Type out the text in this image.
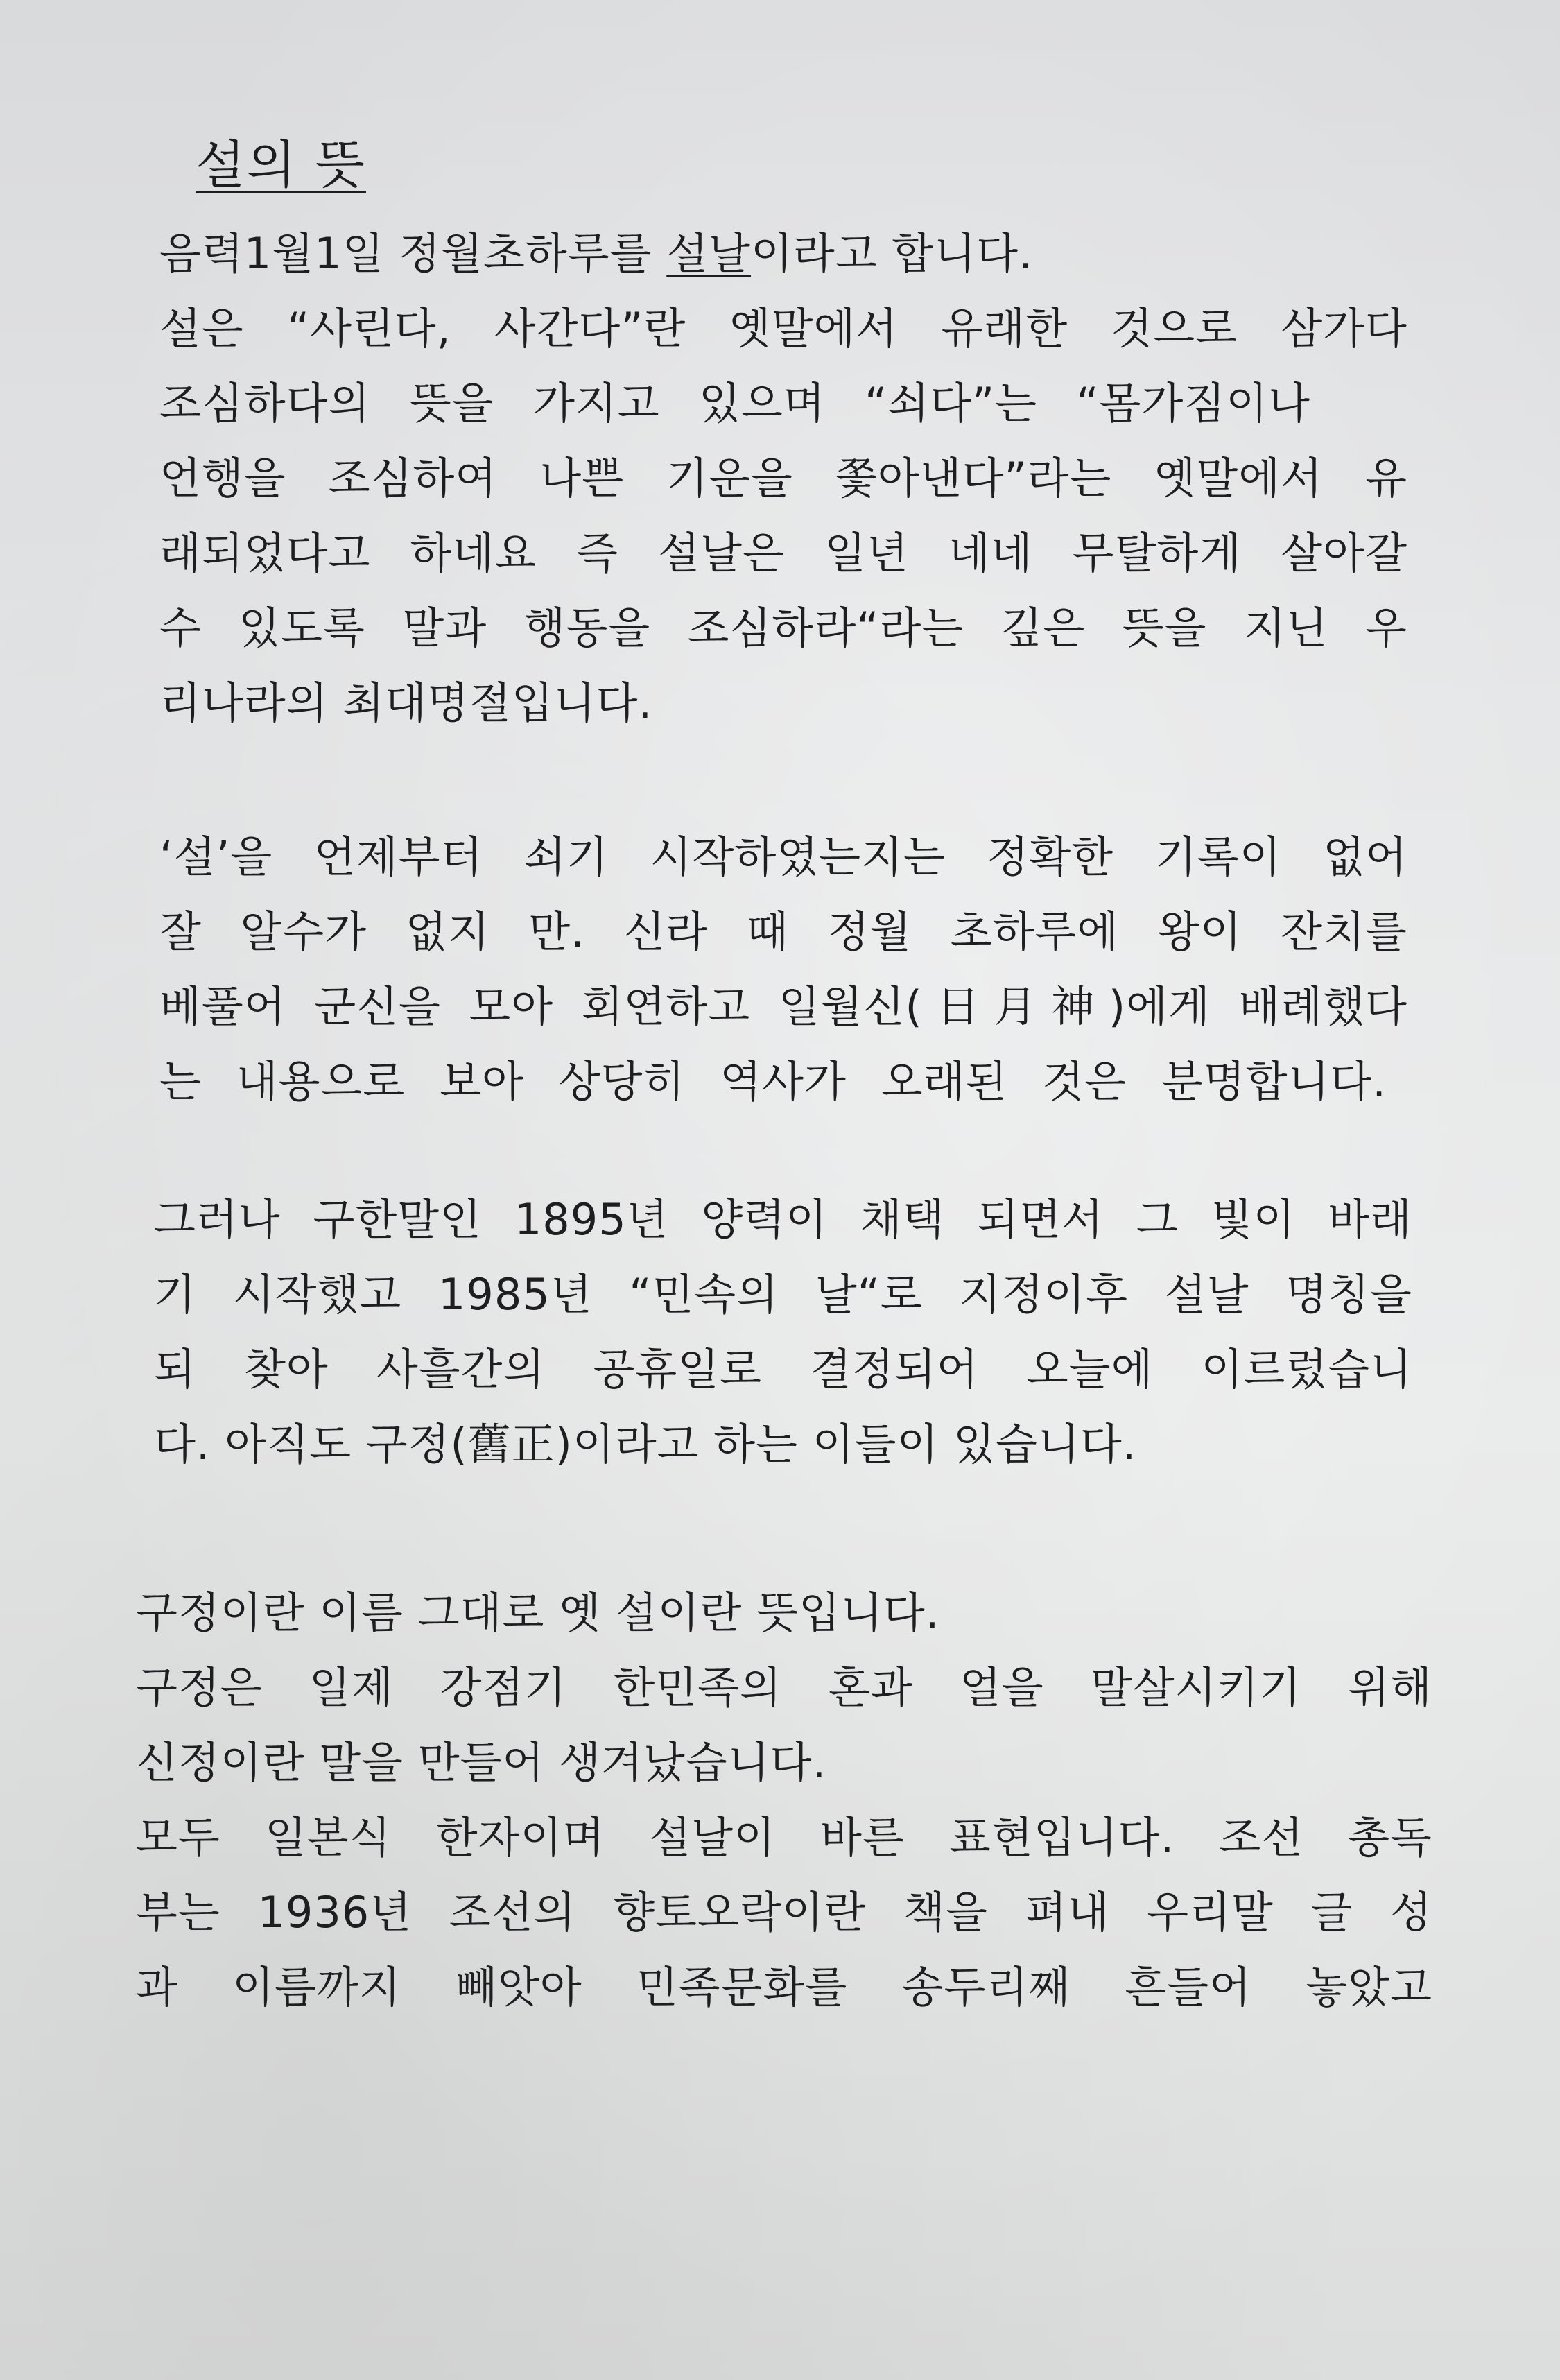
설의 뜻
음력1월1일 정월초하루를 설날이라고 합니다.
설은 “사린다, 사간다”란 옛말에서 유래한 것으로 삼가다
조심하다의 뜻을 가지고 있으며 “쇠다”는 “몸가짐이나
언행을 조심하여 나쁜 기운을 쫓아낸다”라는 옛말에서 유
래되었다고 하네요 즉 설날은 일년 네네 무탈하게 살아갈
수 있도록 말과 행동을 조심하라“라는 깊은 뜻을 지닌 우
리나라의 최대명절입니다.
‘설’을 언제부터 쇠기 시작하였는지는 정확한 기록이 없어
잘 알수가 없지 만. 신라 때 정월 초하루에 왕이 잔치를
베풀어 군신을 모아 회연하고 일월신(日月神)에게 배례했다
는 내용으로 보아 상당히 역사가 오래된 것은 분명합니다.
그러나 구한말인 1895년 양력이 채택 되면서 그 빛이 바래
기 시작했고 1985년 “민속의 날“로 지정이후 설날 명칭을
되 찾아 사흘간의 공휴일로 결정되어 오늘에 이르렀습니
다. 아직도 구정(舊正)이라고 하는 이들이 있습니다.
구정이란 이름 그대로 옛 설이란 뜻입니다.
구정은 일제 강점기 한민족의 혼과 얼을 말살시키기 위해
신정이란 말을 만들어 생겨났습니다.
모두 일본식 한자이며 설날이 바른 표현입니다. 조선 총독
부는 1936년 조선의 향토오락이란 책을 펴내 우리말 글 성
과 이름까지 빼앗아 민족문화를 송두리째 흔들어 놓았고
